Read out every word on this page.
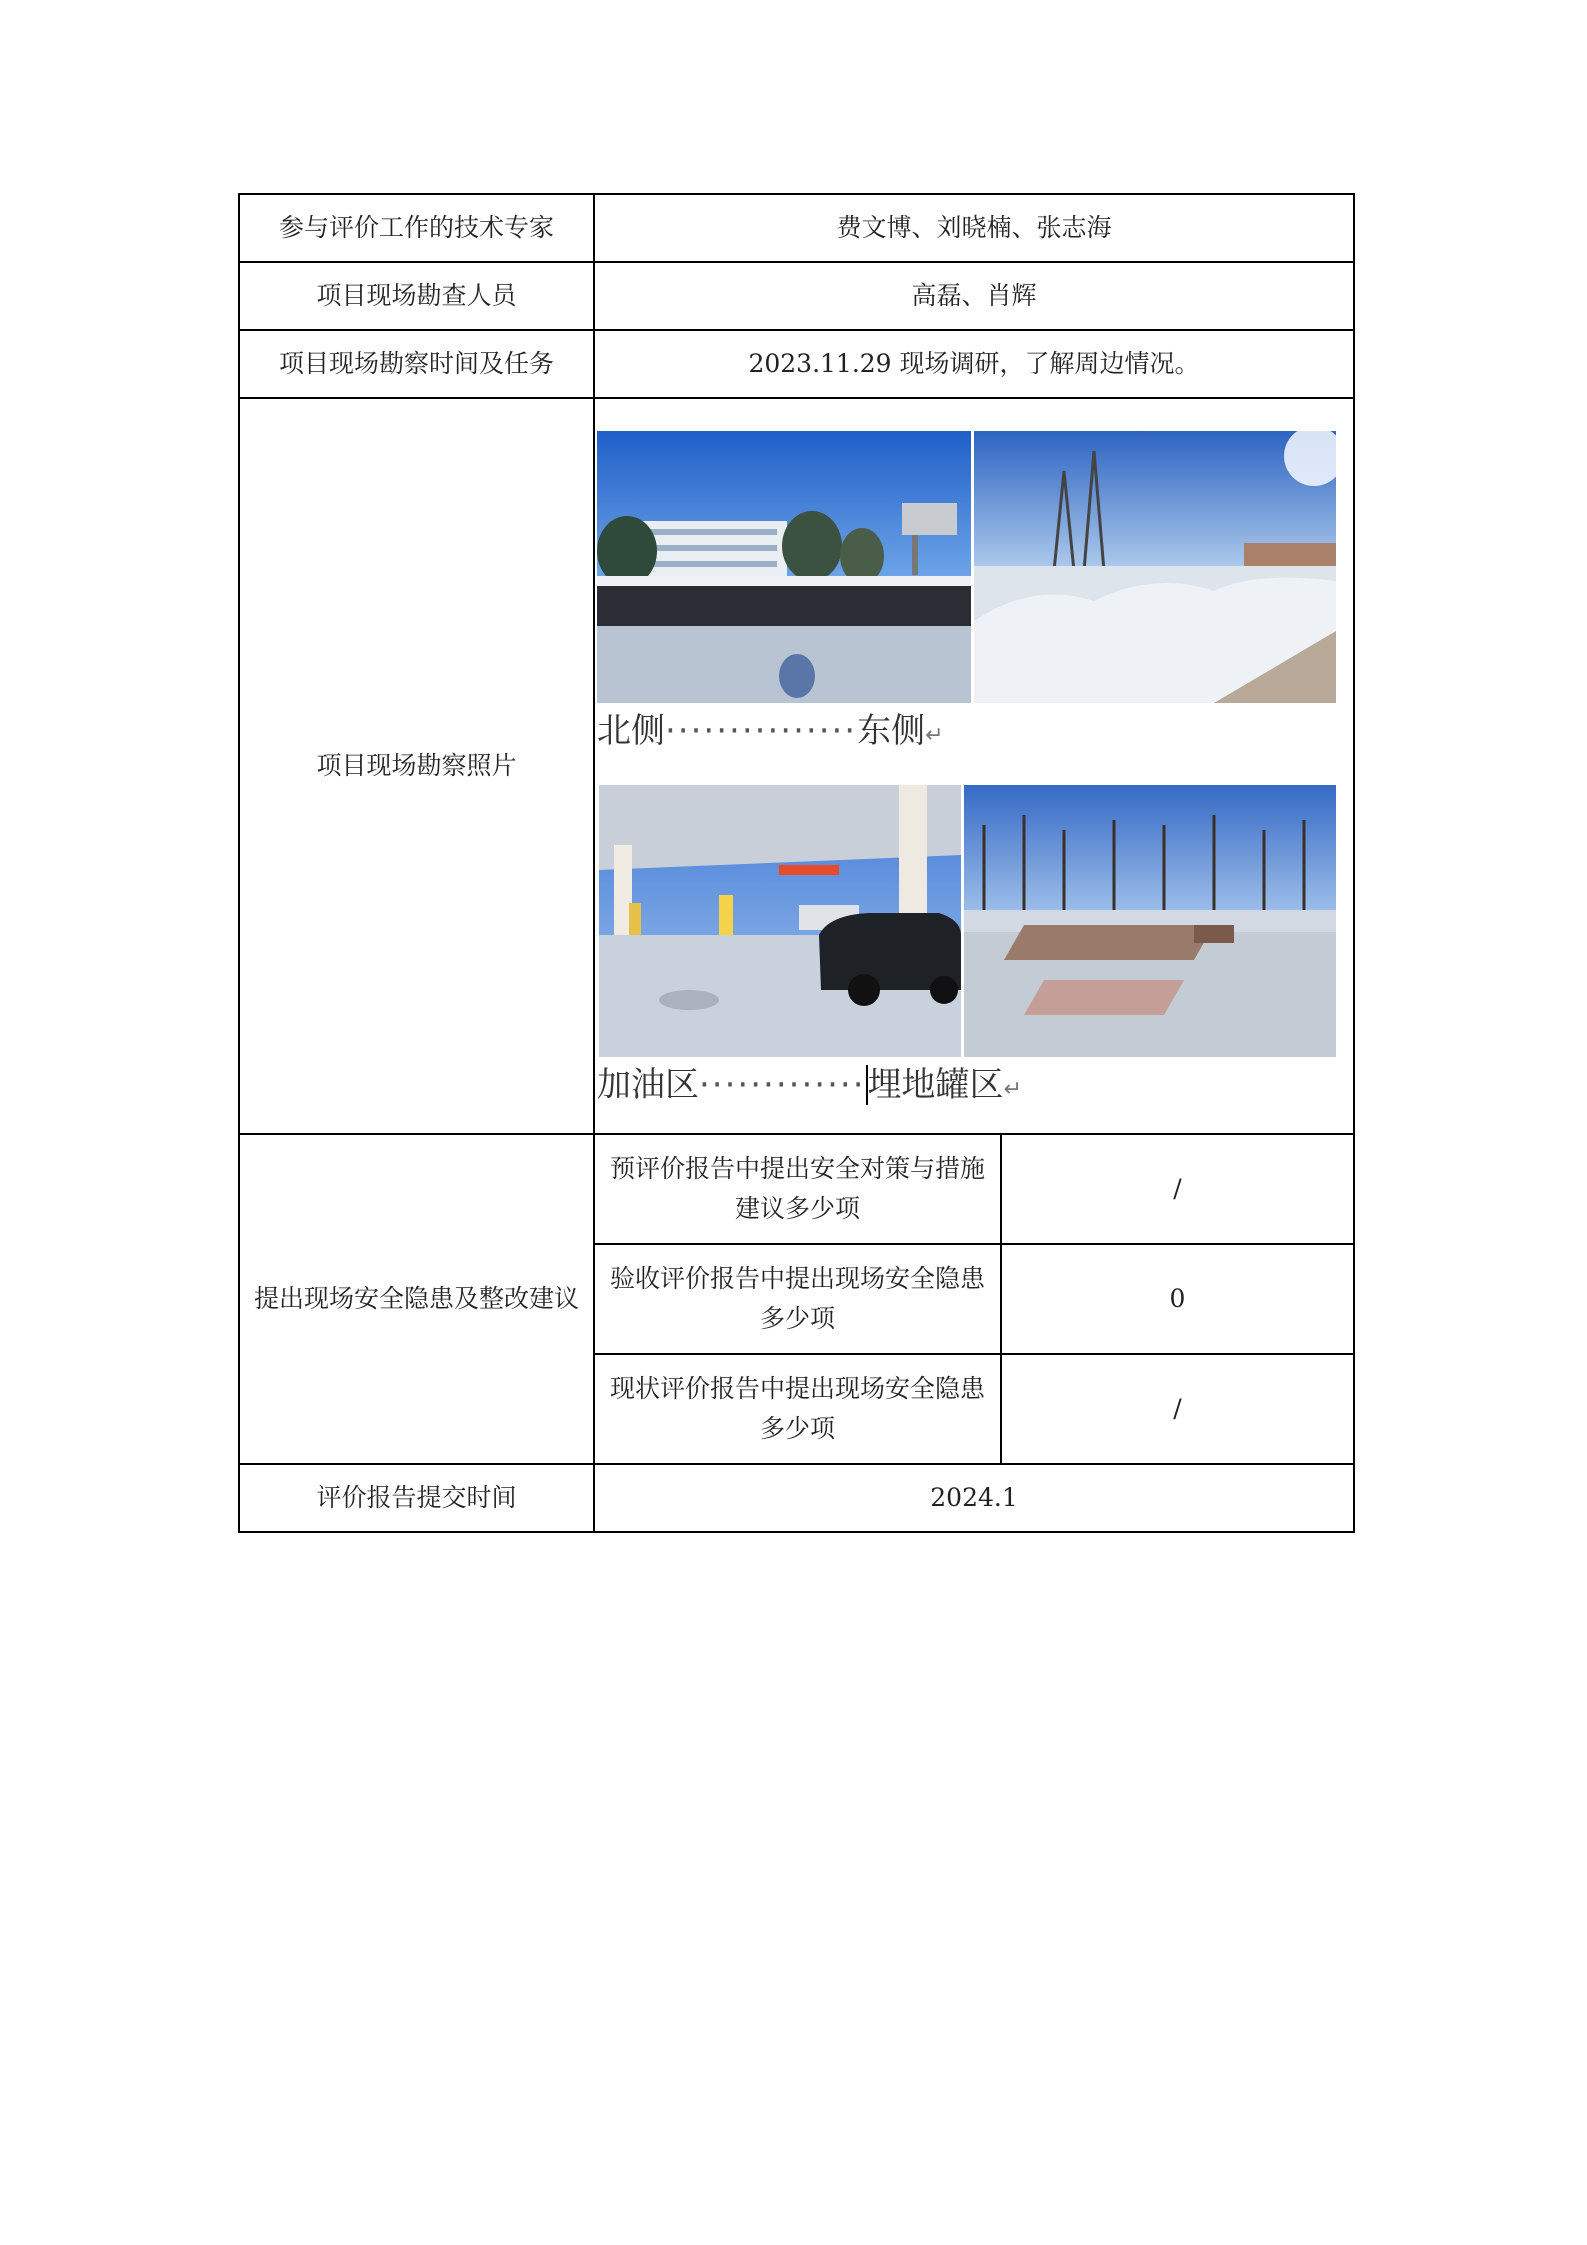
参与评价工作的技术专家	费文博、刘晓楠、张志海	
项目现场勘查人员	高磊、肖辉	
项目现场勘察时间及任务	2023.11.29 现场调研，了解周边情况。	
项目现场勘察照片	北侧···············东侧↵
加油区·············埋地罐区↵	

提出现场安全隐患及整改建议	预评价报告中提出安全对策与措施建议多少项	/
	验收评价报告中提出现场安全隐患多少项	0
	现状评价报告中提出现场安全隐患多少项	/
评价报告提交时间	2024.1	
